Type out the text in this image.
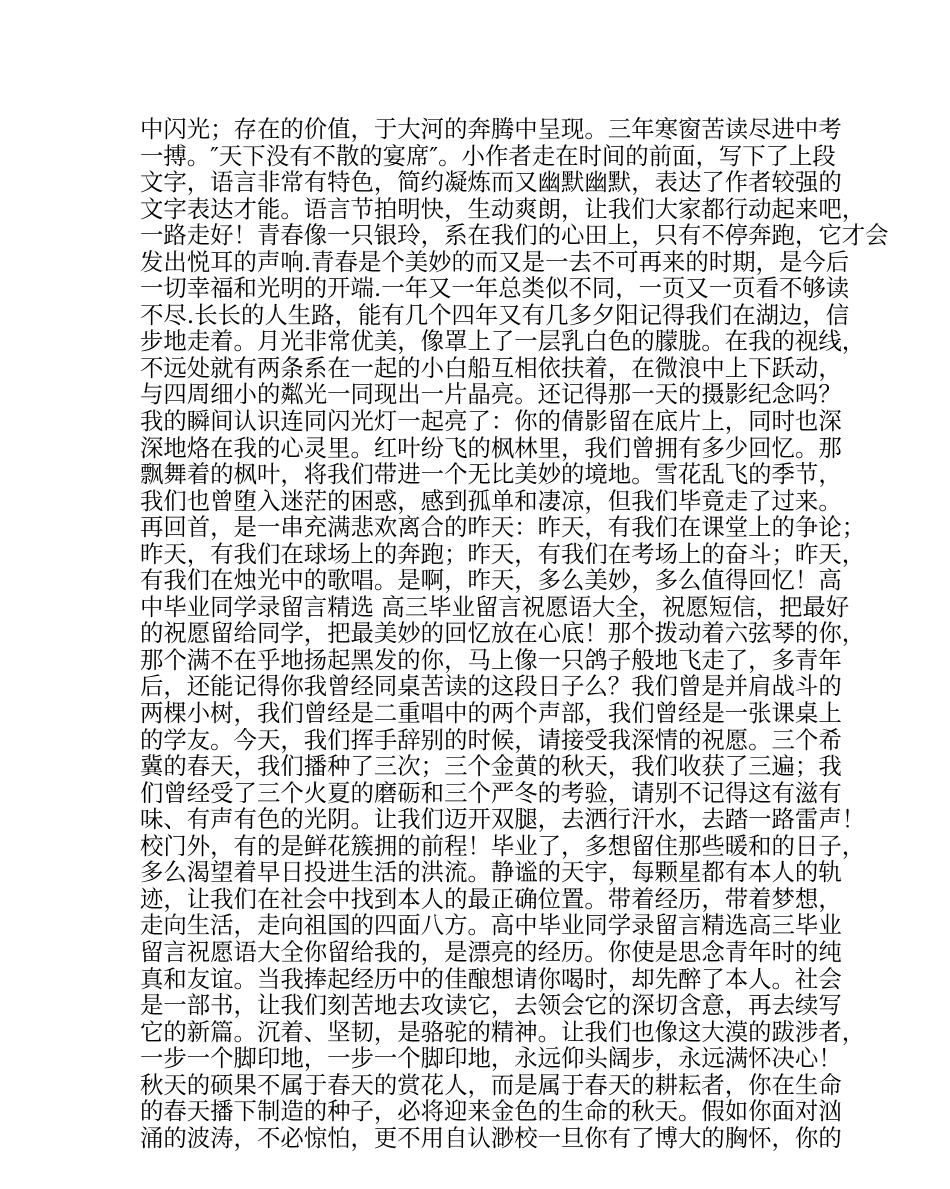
中闪光；存在的价值，于大河的奔腾中呈现。三年寒窗苦读尽进中考
一搏。″天下没有不散的宴席″。小作者走在时间的前面，写下了上段
文字，语言非常有特色，简约凝炼而又幽默幽默，表达了作者较强的
文字表达才能。语言节拍明快，生动爽朗，让我们大家都行动起来吧，
一路走好！青春像一只银玲，系在我们的心田上，只有不停奔跑，它才会
发出悦耳的声响.青春是个美妙的而又是一去不可再来的时期，是今后
一切幸福和光明的开端.一年又一年总类似不同，一页又一页看不够读
不尽.长长的人生路，能有几个四年又有几多夕阳记得我们在湖边，信
步地走着。月光非常优美，像罩上了一层乳白色的朦胧。在我的视线，
不远处就有两条系在一起的小白船互相依扶着，在微浪中上下跃动，
与四周细小的粼光一同现出一片晶亮。还记得那一天的摄影纪念吗？
我的瞬间认识连同闪光灯一起亮了：你的倩影留在底片上，同时也深
深地烙在我的心灵里。红叶纷飞的枫林里，我们曾拥有多少回忆。那
飘舞着的枫叶，将我们带进一个无比美妙的境地。雪花乱飞的季节，
我们也曾堕入迷茫的困惑，感到孤单和凄凉，但我们毕竟走了过来。
再回首，是一串充满悲欢离合的昨天：昨天，有我们在课堂上的争论；
昨天，有我们在球场上的奔跑；昨天，有我们在考场上的奋斗；昨天，
有我们在烛光中的歌唱。是啊，昨天，多么美妙，多么值得回忆！高
中毕业同学录留言精选 高三毕业留言祝愿语大全，祝愿短信，把最好
的祝愿留给同学，把最美妙的回忆放在心底！那个拨动着六弦琴的你，
那个满不在乎地扬起黑发的你，马上像一只鸽子般地飞走了，多青年
后，还能记得你我曾经同桌苦读的这段日子么？我们曾是并肩战斗的
两棵小树，我们曾经是二重唱中的两个声部，我们曾经是一张课桌上
的学友。今天，我们挥手辞别的时候，请接受我深情的祝愿。三个希
冀的春天，我们播种了三次；三个金黄的秋天，我们收获了三遍；我
们曾经受了三个火夏的磨砺和三个严冬的考验，请别不记得这有滋有
味、有声有色的光阴。让我们迈开双腿，去洒行汗水，去踏一路雷声！
校门外，有的是鲜花簇拥的前程！毕业了，多想留住那些暖和的日子，
多么渴望着早日投进生活的洪流。静谧的天宇，每颗星都有本人的轨
迹，让我们在社会中找到本人的最正确位置。带着经历，带着梦想，
走向生活，走向祖国的四面八方。高中毕业同学录留言精选高三毕业
留言祝愿语大全你留给我的，是漂亮的经历。你使是思念青年时的纯
真和友谊。当我捧起经历中的佳酿想请你喝时，却先醉了本人。社会
是一部书，让我们刻苦地去攻读它，去领会它的深切含意，再去续写
它的新篇。沉着、坚韧，是骆驼的精神。让我们也像这大漠的跋涉者，
一步一个脚印地，一步一个脚印地，永远仰头阔步，永远满怀决心！
秋天的硕果不属于春天的赏花人，而是属于春天的耕耘者，你在生命
的春天播下制造的种子，必将迎来金色的生命的秋天。假如你面对汹
涌的波涛，不必惊怕，更不用自认渺校一旦你有了博大的胸怀，你的
